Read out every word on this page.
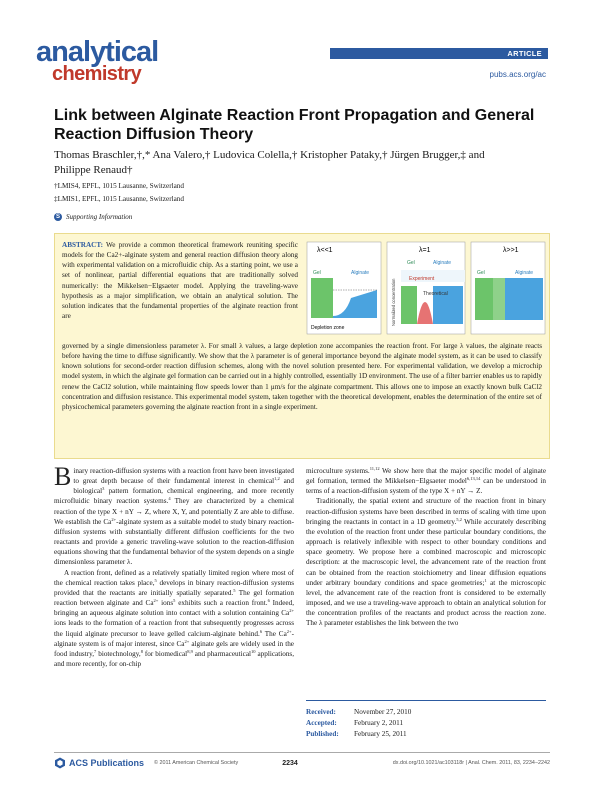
analytical
chemistry
ARTICLE
pubs.acs.org/ac
Link between Alginate Reaction Front Propagation and General Reaction Diffusion Theory
Thomas Braschler,†,* Ana Valero,† Ludovica Colella,† Kristopher Pataky,† Jürgen Brugger,‡ and
Philippe Renaud†
†LMIS4, EPFL, 1015 Lausanne, Switzerland
‡LMIS1, EPFL, 1015 Lausanne, Switzerland
S Supporting Information
ABSTRACT: We provide a common theoretical framework reuniting specific models for the Ca2+-alginate system and general reaction diffusion theory along with experimental validation on a microfluidic chip. As a starting point, we use a set of nonlinear, partial differential equations that are traditionally solved numerically: the Mikkelsen−Elgsaeter model. Applying the traveling-wave hypothesis as a major simplification, we obtain an analytical solution. The solution indicates that the fundamental properties of the alginate reaction front are
λ<<1
Gel	Alginate
Depletion zone
λ=1
Gel	Alginate
Experiment
Theoretical
Normalized concentration
λ>>1
Gel	Alginate
governed by a single dimensionless parameter λ. For small λ values, a large depletion zone accompanies the reaction front. For large λ values, the alginate reacts before having the time to diffuse significantly. We show that the λ parameter is of general importance beyond the alginate model system, as it can be used to classify known solutions for second-order reaction diffusion schemes, along with the novel solution presented here. For experimental validation, we develop a microchip model system, in which the alginate gel formation can be carried out in a highly controlled, essentially 1D environment. The use of a filter barrier enables us to rapidly renew the CaCl2 solution, while maintaining flow speeds lower than 1 μm/s for the alginate compartment. This allows one to impose an exactly known bulk CaCl2 concentration and diffusion resistance. This experimental model system, taken together with the theoretical development, enables the determination of the entire set of physicochemical parameters governing the alginate reaction front in a single experiment.

Binary reaction-diffusion systems with a reaction front have been investigated to great depth because of their fundamental interest in chemical$^{1,2}$ and biological$^3$ pattern formation, chemical engineering, and more recently microfluidic binary reaction systems.$^4$ They are characterized by a chemical reaction of the type X + nY → Z, where X, Y, and potentially Z are able to diffuse. We establish the $Ca^{2+}$-alginate system as a suitable model to study binary reaction-diffusion systems with substantially different diffusion coefficients for the two reactants and provide a generic traveling-wave solution to the reaction-diffusion equations showing that the fundamental behavior of the system depends on a single dimensionless parameter λ.

A reaction front, defined as a relatively spatially limited region where most of the chemical reaction takes place,$^5$ develops in binary reaction-diffusion systems provided that the reactants are initially spatially separated.$^5$ The gel formation reaction between alginate and $Ca^{2+}$ ions$^5$ exhibits such a reaction front.$^6$ Indeed, bringing an aqueous alginate solution into contact with a solution containing $Ca^{2+}$ ions leads to the formation of a reaction front that subsequently progresses across the liquid alginate precursor to leave gelled calcium-alginate behind.$^6$ The $Ca^{2+}$-alginate system is of major interest, since $Ca^{2+}$ alginate gels are widely used in the food industry,$^7$ biotechnology,$^8$ for biomedical$^{8,9}$ and pharmaceutical$^{10}$ applications, and more recently, for on-chip

microculture systems.$^{11,12}$ We show here that the major specific model of alginate gel formation, termed the Mikkelsen−Elgsaeter model$^{6,13,14}$ can be understood in terms of a reaction-diffusion system of the type X + nY → Z.

Traditionally, the spatial extent and structure of the reaction front in binary reaction-diffusion systems have been described in terms of scaling with time upon bringing the reactants in contact in a 1D geometry.$^{5,2}$ While accurately describing the evolution of the reaction front under these particular boundary conditions, the approach is relatively inflexible with respect to other boundary conditions and space geometry. We propose here a combined macroscopic and microscopic description: at the macroscopic level, the advancement rate of the reaction front can be obtained from the reaction stoichiometry and linear diffusion equations under arbitrary boundary conditions and space geometries;$^1$ at the microscopic level, the advancement rate of the reaction front is considered to be externally imposed, and we use a traveling-wave approach to obtain an analytical solution for the concentration profiles of the reactants and product across the reaction zone. The λ parameter establishes the link between the two

Received:	November 27, 2010
Accepted:	February 2, 2011
Published:	February 25, 2011
ACS Publications © 2011 American Chemical Society	2234	dx.doi.org/10.1021/ac103118r | Anal. Chem. 2011, 83, 2234−2242
